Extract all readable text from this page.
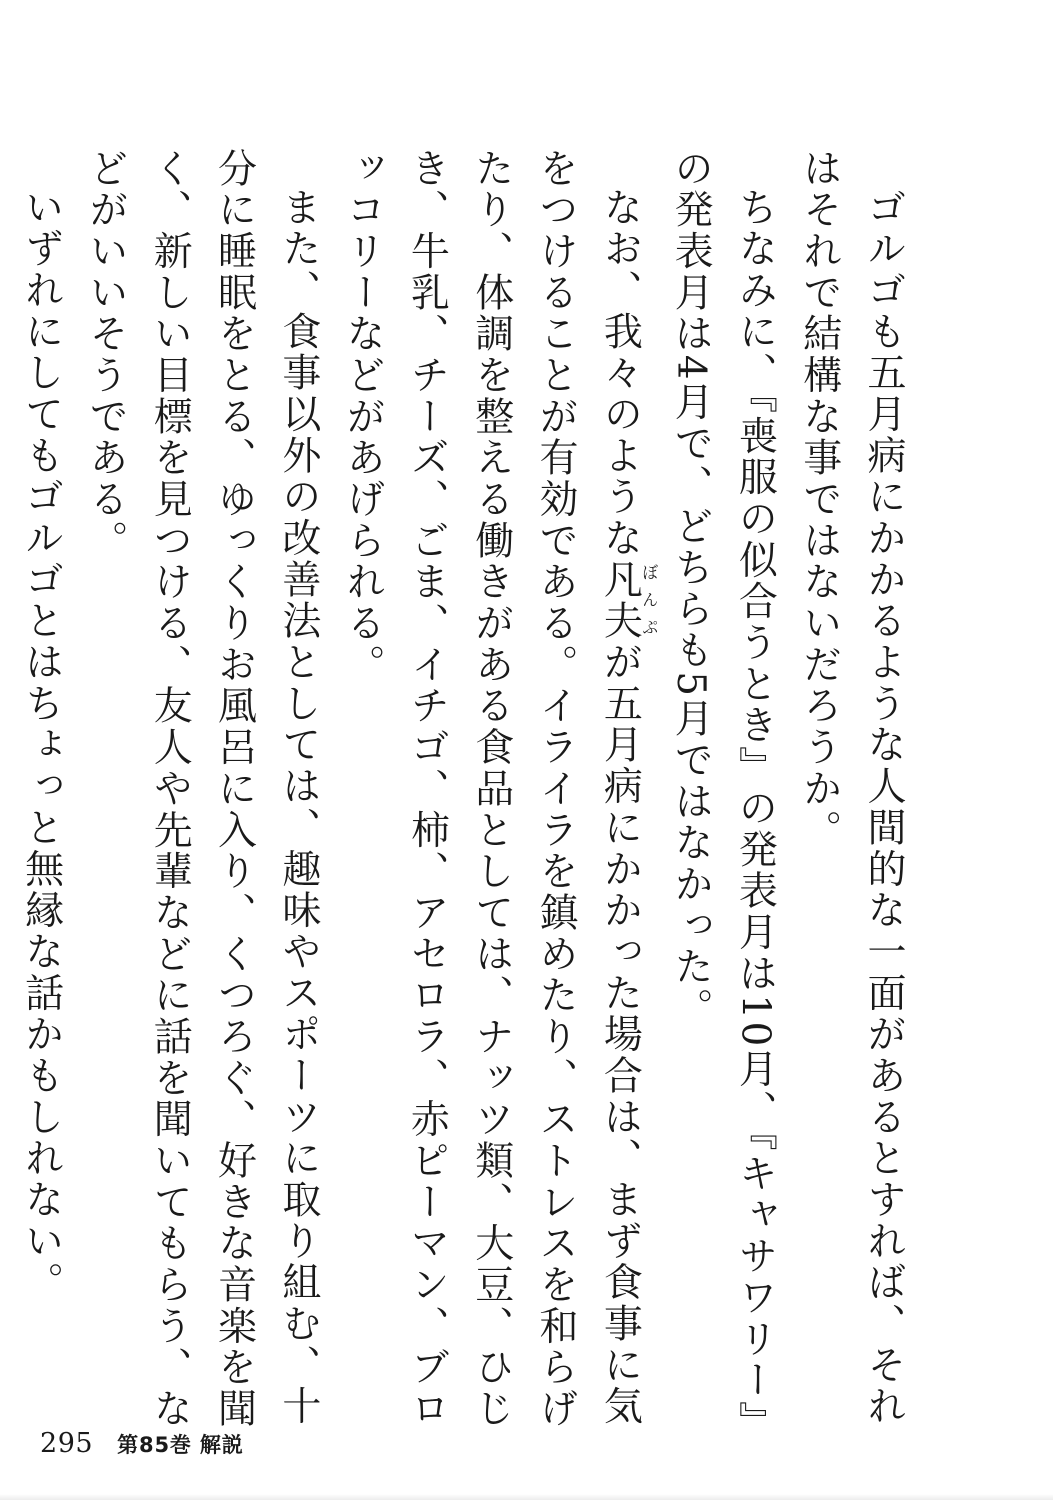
ゴルゴも五月病にかかるような人間的な一面があるとすれば、それはそれで結構な事ではないだろうか。

ちなみに、『喪服の似合うとき』の発表月は10月、『キャサワリー』の発表月は4月で、どちらも5月ではなかった。

なお、我々のような凡夫ぼんぷが五月病にかかった場合は、まず食事に気をつけることが有効である。イライラを鎮めたり、ストレスを和らげたり、体調を整える働きがある食品としては、ナッツ類、大豆、ひじき、牛乳、チーズ、ごま、イチゴ、柿、アセロラ、赤ピーマン、ブロッコリーなどがあげられる。

また、食事以外の改善法としては、趣味やスポーツに取り組む、十分に睡眠をとる、ゆっくりお風呂に入り、くつろぐ、好きな音楽を聞く、新しい目標を見つける、友人や先輩などに話を聞いてもらう、などがいいそうである。

いずれにしてもゴルゴとはちょっと無縁な話かもしれない。

295 第85巻 解説
